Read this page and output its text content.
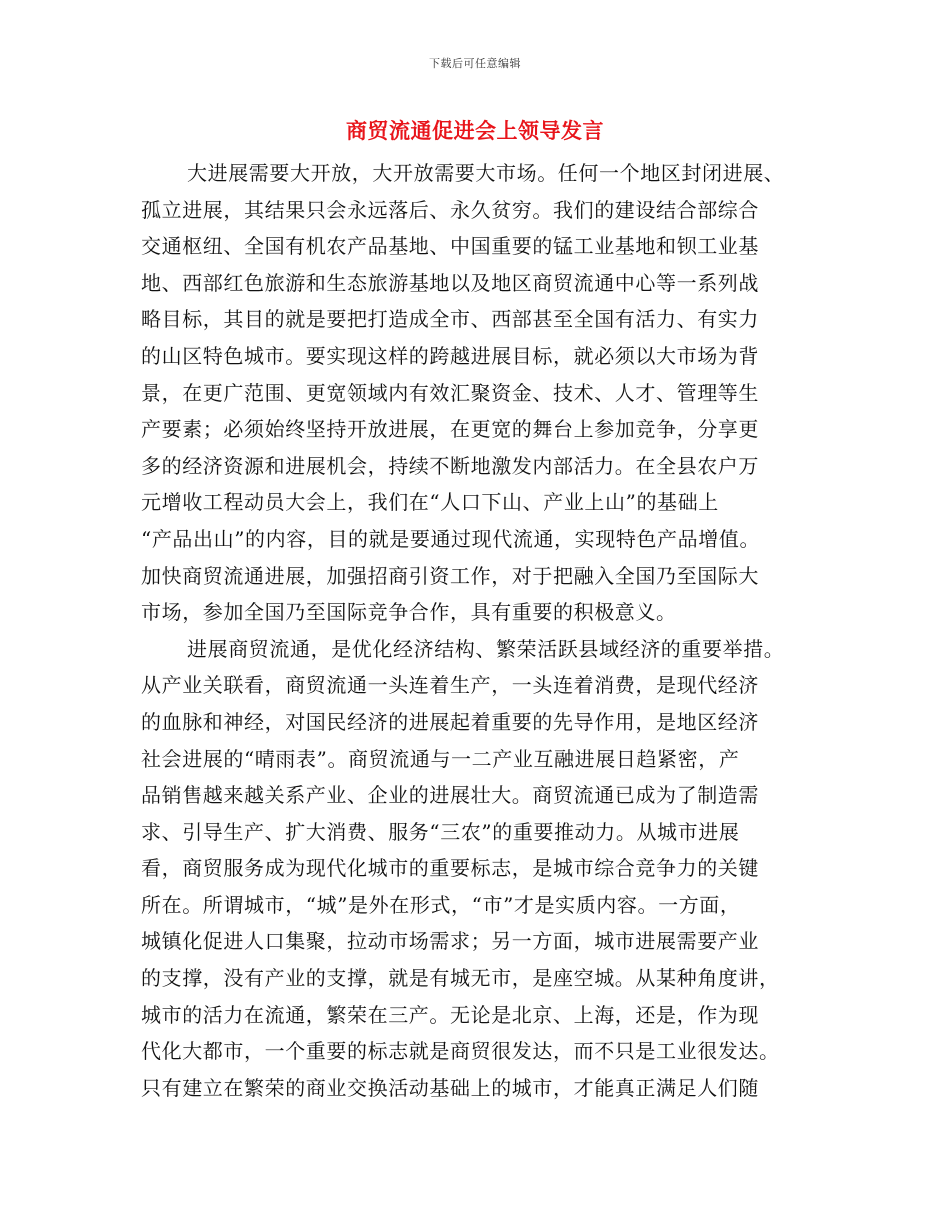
下载后可任意编辑
商贸流通促进会上领导发言
大进展需要大开放，大开放需要大市场。任何一个地区封闭进展、
孤立进展，其结果只会永远落后、永久贫穷。我们的建设结合部综合
交通枢纽、全国有机农产品基地、中国重要的锰工业基地和钡工业基
地、西部红色旅游和生态旅游基地以及地区商贸流通中心等一系列战
略目标，其目的就是要把打造成全市、西部甚至全国有活力、有实力
的山区特色城市。要实现这样的跨越进展目标，就必须以大市场为背
景，在更广范围、更宽领域内有效汇聚资金、技术、人才、管理等生
产要素；必须始终坚持开放进展，在更宽的舞台上参加竞争，分享更
多的经济资源和进展机会，持续不断地激发内部活力。在全县农户万
元增收工程动员大会上，我们在“人口下山、产业上山”的基础上
“产品出山”的内容，目的就是要通过现代流通，实现特色产品增值。
加快商贸流通进展，加强招商引资工作，对于把融入全国乃至国际大
市场，参加全国乃至国际竞争合作，具有重要的积极意义。
进展商贸流通，是优化经济结构、繁荣活跃县域经济的重要举措。
从产业关联看，商贸流通一头连着生产，一头连着消费，是现代经济
的血脉和神经，对国民经济的进展起着重要的先导作用，是地区经济
社会进展的“晴雨表”。商贸流通与一二产业互融进展日趋紧密，产
品销售越来越关系产业、企业的进展壮大。商贸流通已成为了制造需
求、引导生产、扩大消费、服务“三农”的重要推动力。从城市进展
看，商贸服务成为现代化城市的重要标志，是城市综合竞争力的关键
所在。所谓城市，“城”是外在形式，“市”才是实质内容。一方面，
城镇化促进人口集聚，拉动市场需求；另一方面，城市进展需要产业
的支撑，没有产业的支撑，就是有城无市，是座空城。从某种角度讲，
城市的活力在流通，繁荣在三产。无论是北京、上海，还是，作为现
代化大都市，一个重要的标志就是商贸很发达，而不只是工业很发达。
只有建立在繁荣的商业交换活动基础上的城市，才能真正满足人们随
